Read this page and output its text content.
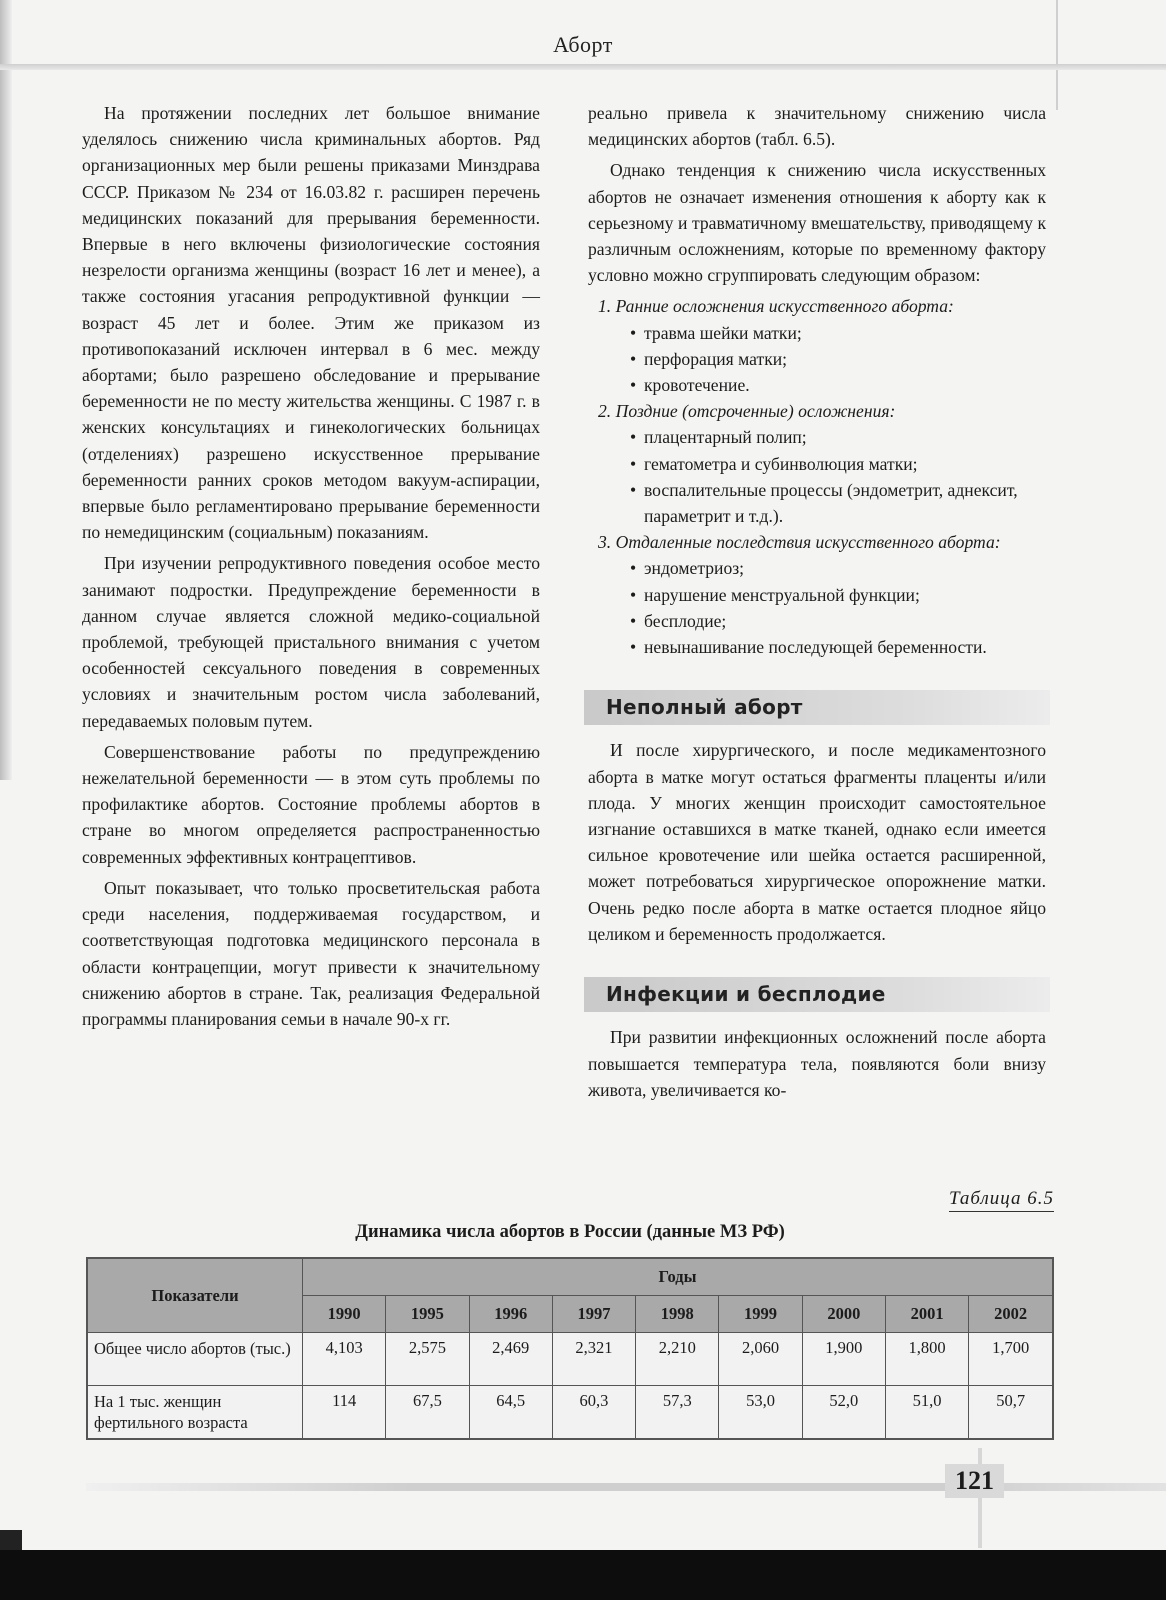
Аборт

На протяжении последних лет большое внимание уделялось снижению числа криминальных абортов. Ряд организационных мер были решены приказами Минздрава СССР. Приказом № 234 от 16.03.82 г. расширен перечень медицинских показаний для прерывания беременности. Впервые в него включены физиологические состояния незрелости организма женщины (возраст 16 лет и менее), а также состояния угасания репродуктивной функции — возраст 45 лет и более. Этим же приказом из противопоказаний исключен интервал в 6 мес. между абортами; было разрешено обследование и прерывание беременности не по месту жительства женщины. С 1987 г. в женских консультациях и гинекологических больницах (отделениях) разрешено искусственное прерывание беременности ранних сроков методом вакуум-аспирации, впервые было регламентировано прерывание беременности по немедицинским (социальным) показаниям.

При изучении репродуктивного поведения особое место занимают подростки. Предупреждение беременности в данном случае является сложной медико-социальной проблемой, требующей пристального внимания с учетом особенностей сексуального поведения в современных условиях и значительным ростом числа заболеваний, передаваемых половым путем.

Совершенствование работы по предупреждению нежелательной беременности — в этом суть проблемы по профилактике абортов. Состояние проблемы абортов в стране во многом определяется распространенностью современных эффективных контрацептивов.

Опыт показывает, что только просветительская работа среди населения, поддерживаемая государством, и соответствующая подготовка медицинского персонала в области контрацепции, могут привести к значительному снижению абортов в стране. Так, реализация Федеральной программы планирования семьи в начале 90-х гг.

реально привела к значительному снижению числа медицинских абортов (табл. 6.5).

Однако тенденция к снижению числа искусственных абортов не означает изменения отношения к аборту как к серьезному и травматичному вмешательству, приводящему к различным осложнениям, которые по временному фактору условно можно сгруппировать следующим образом:

1. Ранние осложнения искусственного аборта:
• травма шейки матки;
• перфорация матки;
• кровотечение.
2. Поздние (отсроченные) осложнения:
• плацентарный полип;
• гематометра и субинволюция матки;
• воспалительные процессы (эндометрит, аднексит, параметрит и т.д.).
3. Отдаленные последствия искусственного аборта:
• эндометриоз;
• нарушение менструальной функции;
• бесплодие;
• невынашивание последующей беременности.
Неполный аборт

И после хирургического, и после медикаментозного аборта в матке могут остаться фрагменты плаценты и/или плода. У многих женщин происходит самостоятельное изгнание оставшихся в матке тканей, однако если имеется сильное кровотечение или шейка остается расширенной, может потребоваться хирургическое опорожнение матки. Очень редко после аборта в матке остается плодное яйцо целиком и беременность продолжается.

Инфекции и бесплодие

При развитии инфекционных осложнений после аборта повышается температура тела, появляются боли внизу живота, увеличивается ко-

Таблица 6.5
Динамика числа абортов в России (данные МЗ РФ)
Показатели	Годы								
	1990	1995	1996	1997	1998	1999	2000	2001	2002
Общее число абортов (тыс.)	4,103	2,575	2,469	2,321	2,210	2,060	1,900	1,800	1,700
На 1 тыс. женщин фертильного возраста	114	67,5	64,5	60,3	57,3	53,0	52,0	51,0	50,7
121
